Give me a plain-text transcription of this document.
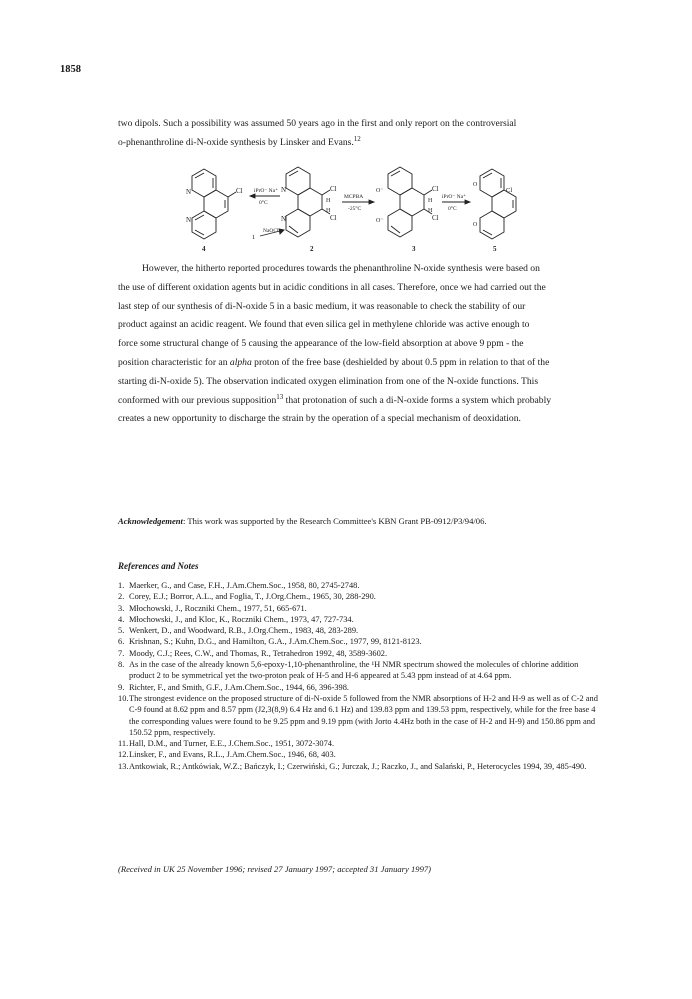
1858
two dipols. Such a possibility was assumed 50 years ago in the first and only report on the controversial
o-phenanthroline di-N-oxide synthesis by Linsker and Evans.$^{12}$
N
N
Cl
4
iPrO⁻ Na⁺
0°C
N
N
Cl
H
H
Cl
2
1
NaOCl
MCPBA
-25°C
O⁻
O⁻
Cl
H
H
Cl
3
iPrO⁻ Na⁺
0°C
O
O
Cl
5
However, the hitherto reported procedures towards the phenanthroline N-oxide synthesis were based on
the use of different oxidation agents but in acidic conditions in all cases. Therefore, once we had carried out the
last step of our synthesis of di-N-oxide 5 in a basic medium, it was reasonable to check the stability of our
product against an acidic reagent. We found that even silica gel in methylene chloride was active enough to
force some structural change of 5 causing the appearance of the low-field absorption at above 9 ppm - the
position characteristic for an alpha proton of the free base (deshielded by about 0.5 ppm in relation to that of the
starting di-N-oxide 5). The observation indicated oxygen elimination from one of the N-oxide functions. This
conformed with our previous supposition$^{13}$ that protonation of such a di-N-oxide forms a system which probably
creates a new opportunity to discharge the strain by the operation of a special mechanism of deoxidation.
Acknowledgement: This work was supported by the Research Committee's KBN Grant PB-0912/P3/94/06.
References and Notes
1. Maerker, G., and Case, F.H., J.Am.Chem.Soc., 1958, 80, 2745-2748.
2. Corey, E.J.; Borror, A.L., and Foglia, T., J.Org.Chem., 1965, 30, 288-290.
3. Młochowski, J., Roczniki Chem., 1977, 51, 665-671.
4. Młochowski, J., and Kloc, K., Roczniki Chem., 1973, 47, 727-734.
5. Wenkert, D., and Woodward, R.B., J.Org.Chem., 1983, 48, 283-289.
6. Krishnan, S.; Kuhn, D.G., and Hamilton, G.A., J.Am.Chem.Soc., 1977, 99, 8121-8123.
7. Moody, C.J.; Rees, C.W., and Thomas, R., Tetrahedron 1992, 48, 3589-3602.
8. As in the case of the already known 5,6-epoxy-1,10-phenanthroline, the ¹H NMR spectrum showed the molecules of chlorine addition product 2 to be symmetrical yet the two-proton peak of H-5 and H-6 appeared at 5.43 ppm instead of at 4.64 ppm.
9. Richter, F., and Smith, G.F., J.Am.Chem.Soc., 1944, 66, 396-398.
10. The strongest evidence on the proposed structure of di-N-oxide 5 followed from the NMR absorptions of H-2 and H-9 as well as of C-2 and C-9 found at 8.62 ppm and 8.57 ppm (J2,3(8,9) 6.4 Hz and 6.1 Hz) and 139.83 ppm and 139.53 ppm, respectively, while for the free base 4 the corresponding values were found to be 9.25 ppm and 9.19 ppm (with Jorto 4.4Hz both in the case of H-2 and H-9) and 150.86 ppm and 150.52 ppm, respectively.
11. Hall, D.M., and Turner, E.E., J.Chem.Soc., 1951, 3072-3074.
12. Linsker, F., and Evans, R.L., J.Am.Chem.Soc., 1946, 68, 403.
13. Antkowiak, R.; Antkówiak, W.Z.; Bańczyk, I.; Czerwiński, G.; Jurczak, J.; Raczko, J., and Salański, P., Heterocycles 1994, 39, 485-490.
(Received in UK 25 November 1996; revised 27 January 1997; accepted 31 January 1997)
